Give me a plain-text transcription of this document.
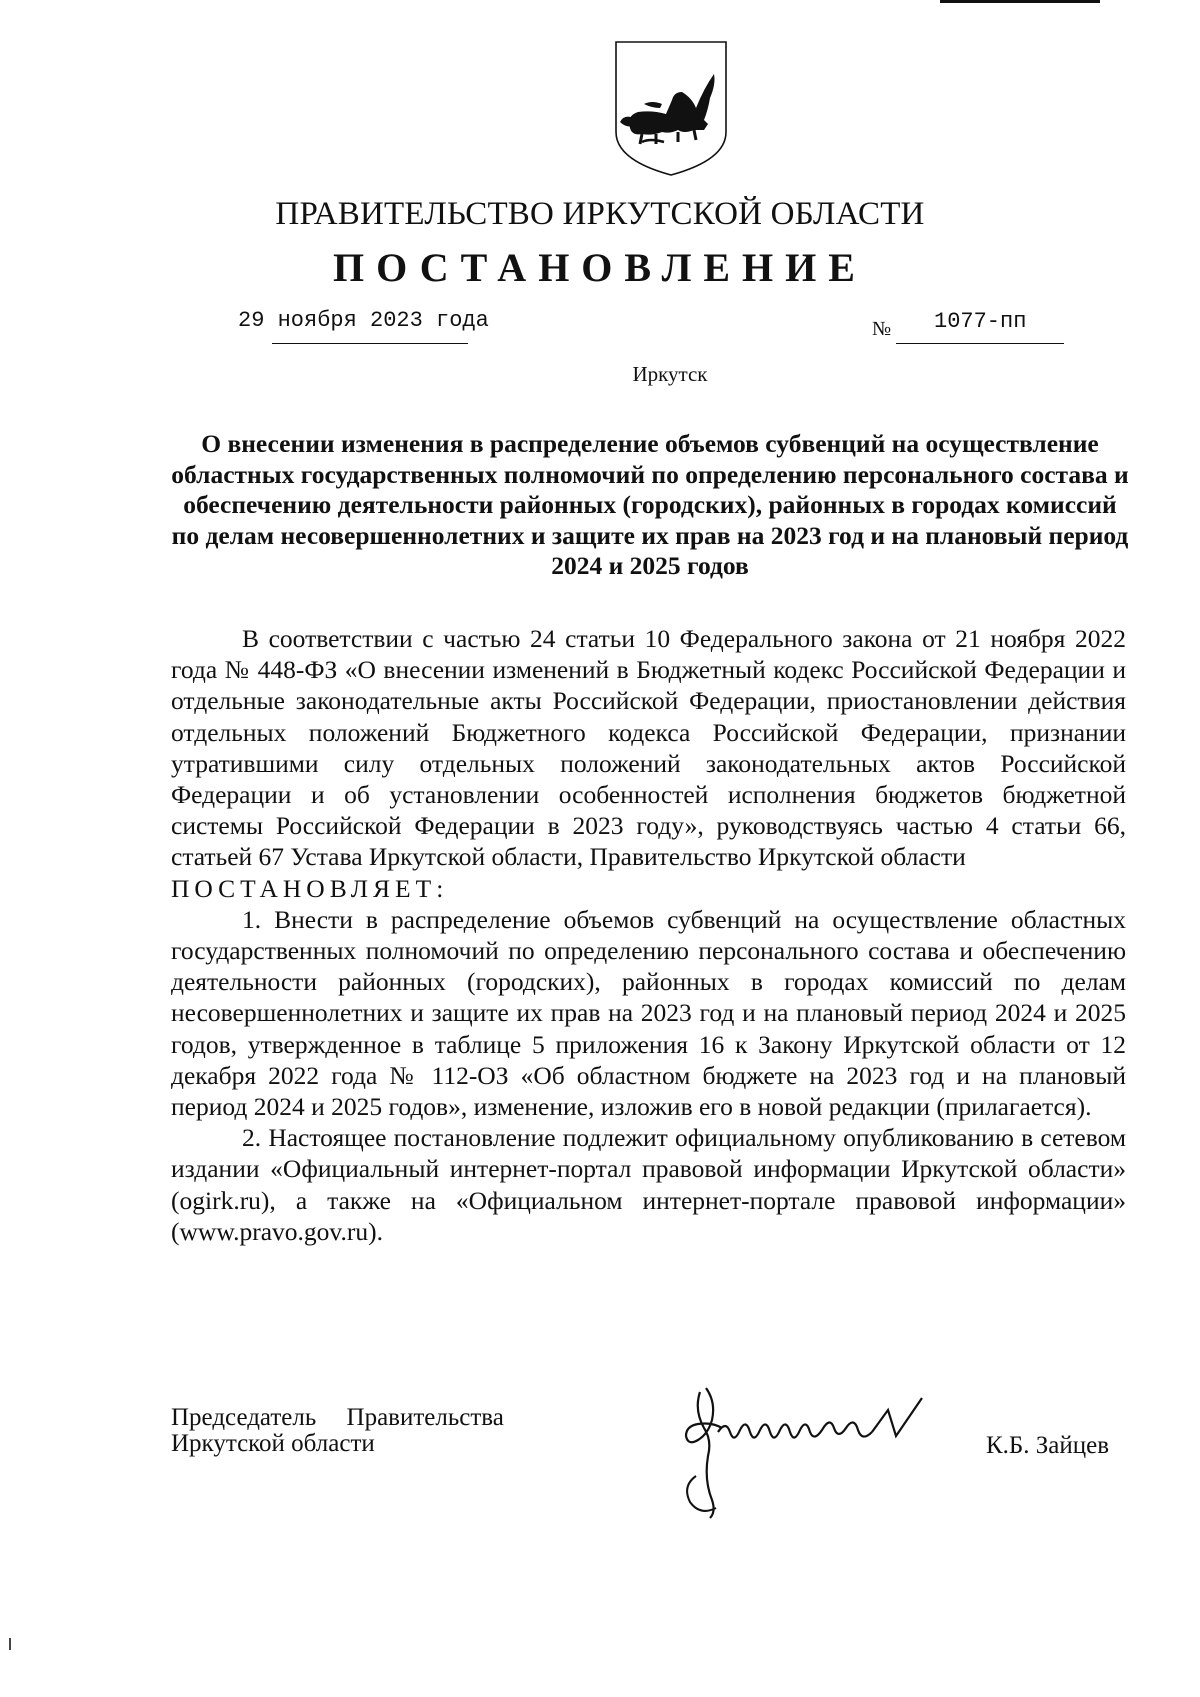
ПРАВИТЕЛЬСТВО ИРКУТСКОЙ ОБЛАСТИ
ПОСТАНОВЛЕНИЕ
29 ноября 2023 года	№ 1077-пп
Иркутск
О внесении изменения в распределение объемов субвенций на осуществление областных государственных полномочий по определению персонального состава и обеспечению деятельности районных (городских), районных в городах комиссий по делам несовершеннолетних и защите их прав на 2023 год и на плановый период 2024 и 2025 годов

В соответствии с частью 24 статьи 10 Федерального закона от 21 ноября 2022 года № 448-ФЗ «О внесении изменений в Бюджетный кодекс Российской Федерации и отдельные законодательные акты Российской Федерации, приостановлении действия отдельных положений Бюджетного кодекса Российской Федерации, признании утратившими силу отдельных положений законодательных актов Российской Федерации и об установлении особенностей исполнения бюджетов бюджетной системы Российской Федерации в 2023 году», руководствуясь частью 4 статьи 66, статьей 67 Устава Иркутской области, Правительство Иркутской области

ПОСТАНОВЛЯЕТ:

1. Внести в распределение объемов субвенций на осуществление областных государственных полномочий по определению персонального состава и обеспечению деятельности районных (городских), районных в городах комиссий по делам несовершеннолетних и защите их прав на 2023 год и на плановый период 2024 и 2025 годов, утвержденное в таблице 5 приложения 16 к Закону Иркутской области от 12 декабря 2022 года № 112-ОЗ «Об областном бюджете на 2023 год и на плановый период 2024 и 2025 годов», изменение, изложив его в новой редакции (прилагается).

2. Настоящее постановление подлежит официальному опубликованию в сетевом издании «Официальный интернет-портал правовой информации Иркутской области» (ogirk.ru), а также на «Официальном интернет-портале правовой информации» (www.pravo.gov.ru).

Председатель Правительства
Иркутской области	К.Б. Зайцев
